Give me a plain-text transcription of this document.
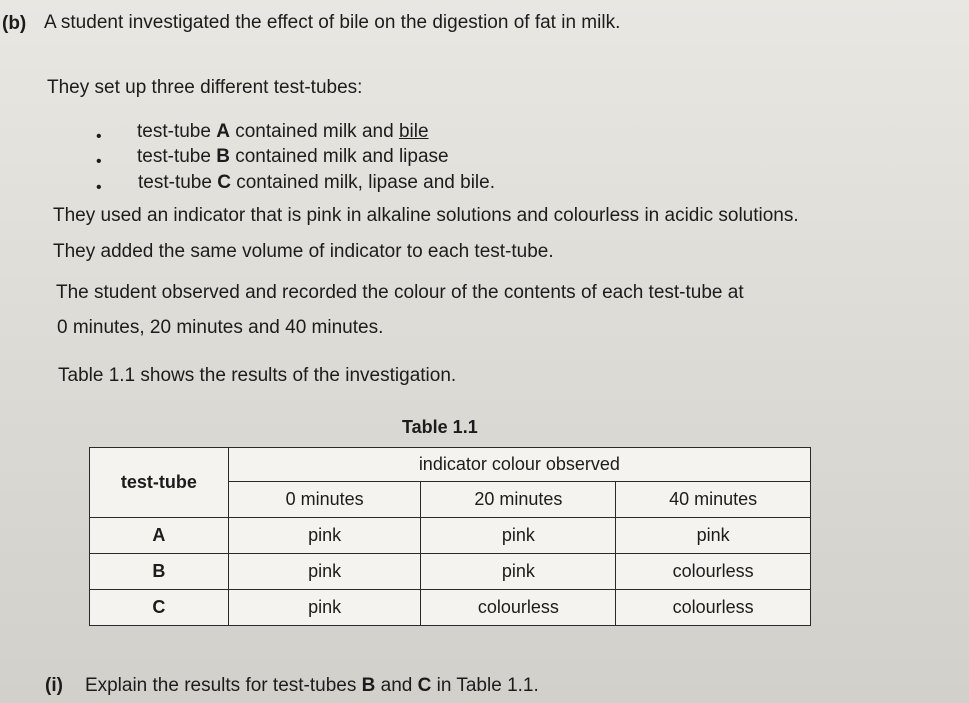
(b) A student investigated the effect of bile on the digestion of fat in milk.
They set up three different test-tubes:
• test-tube A contained milk and bile
• test-tube B contained milk and lipase
• test-tube C contained milk, lipase and bile.
They used an indicator that is pink in alkaline solutions and colourless in acidic solutions.
They added the same volume of indicator to each test-tube.
The student observed and recorded the colour of the contents of each test-tube at
0 minutes, 20 minutes and 40 minutes.
Table 1.1 shows the results of the investigation.
Table 1.1
test-tube	indicator colour observed		
	0 minutes	20 minutes	40 minutes
A	pink	pink	pink
B	pink	pink	colourless
C	pink	colourless	colourless
(i) Explain the results for test-tubes B and C in Table 1.1.
